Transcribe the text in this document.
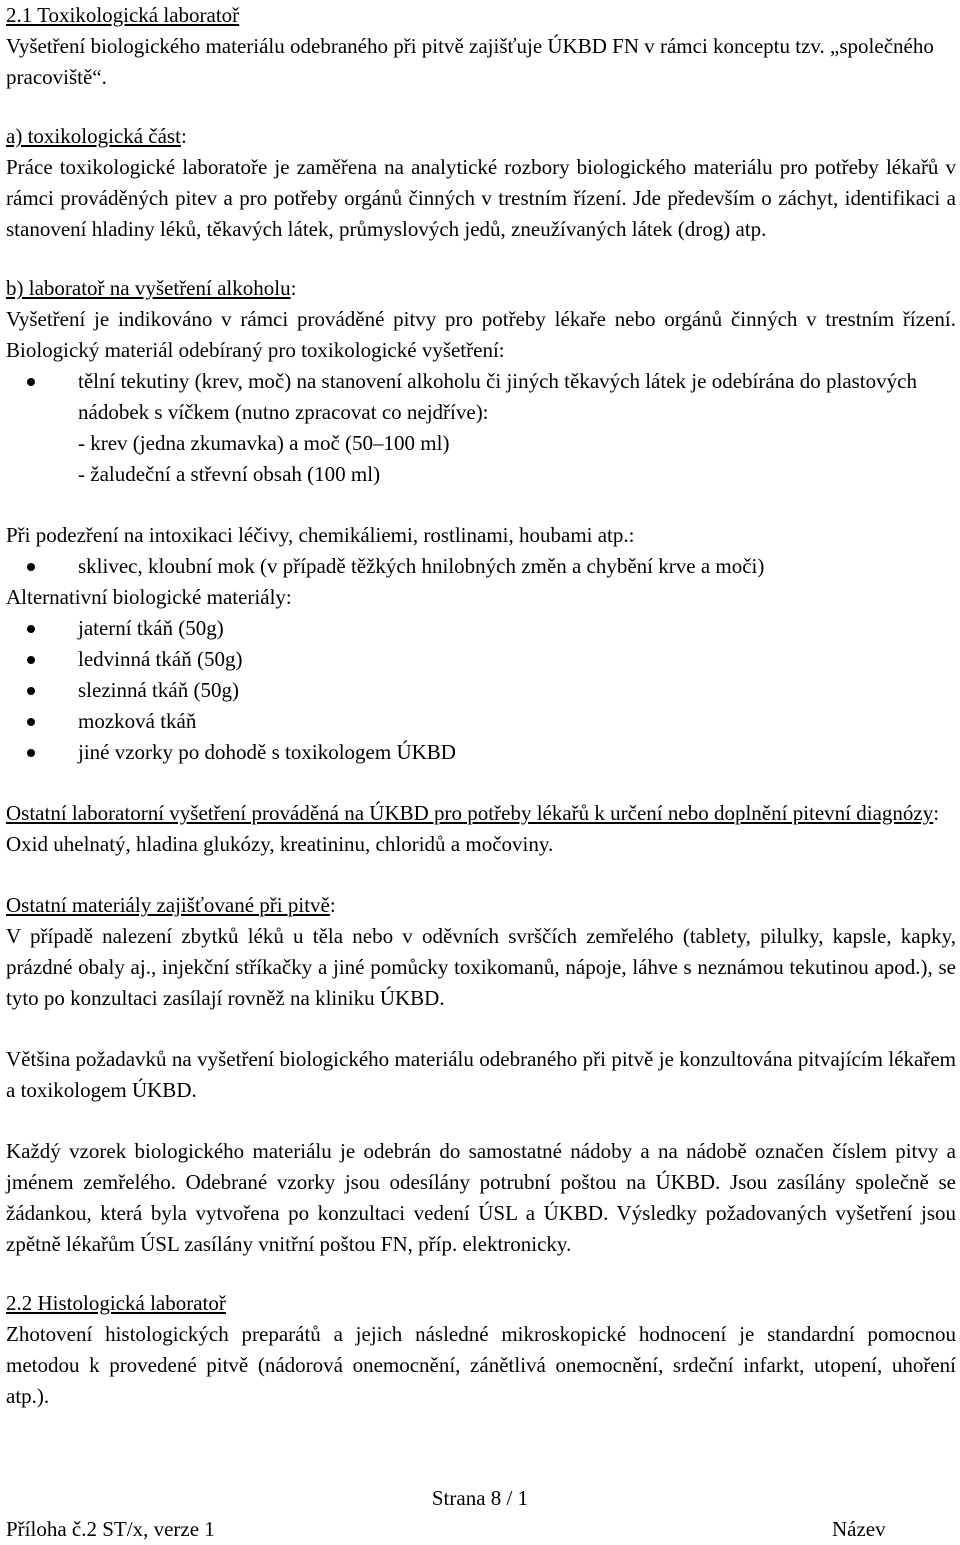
2.1 Toxikologická laboratoř

Vyšetření biologického materiálu odebraného při pitvě zajišťuje ÚKBD FN v rámci konceptu tzv. „společného pracoviště“.

a) toxikologická část:

Práce toxikologické laboratoře je zaměřena na analytické rozbory biologického materiálu pro potřeby lékařů v rámci prováděných pitev a pro potřeby orgánů činných v trestním řízení. Jde především o záchyt, identifikaci a stanovení hladiny léků, těkavých látek, průmyslových jedů, zneužívaných látek (drog) atp.

b) laboratoř na vyšetření alkoholu:

Vyšetření je indikováno v rámci prováděné pitvy pro potřeby lékaře nebo orgánů činných v trestním řízení. Biologický materiál odebíraný pro toxikologické vyšetření:

tělní tekutiny (krev, moč) na stanovení alkoholu či jiných těkavých látek je odebírána do plastových nádobek s víčkem (nutno zpracovat co nejdříve):

- krev (jedna zkumavka) a moč (50–100 ml)

- žaludeční a střevní obsah (100 ml)

Při podezření na intoxikaci léčivy, chemikáliemi, rostlinami, houbami atp.:

sklivec, kloubní mok (v případě těžkých hnilobných změn a chybění krve a moči)

Alternativní biologické materiály:

jaterní tkáň (50g)
ledvinná tkáň (50g)
slezinná tkáň (50g)
mozková tkáň
jiné vzorky po dohodě s toxikologem ÚKBD

Ostatní laboratorní vyšetření prováděná na ÚKBD pro potřeby lékařů k určení nebo doplnění pitevní diagnózy:

Oxid uhelnatý, hladina glukózy, kreatininu, chloridů a močoviny.

Ostatní materiály zajišťované při pitvě:

V případě nalezení zbytků léků u těla nebo v oděvních svrščích zemřelého (tablety, pilulky, kapsle, kapky, prázdné obaly aj., injekční stříkačky a jiné pomůcky toxikomanů, nápoje, láhve s neznámou tekutinou apod.), se tyto po konzultaci zasílají rovněž na kliniku ÚKBD.

Většina požadavků na vyšetření biologického materiálu odebraného při pitvě je konzultována pitvajícím lékařem a toxikologem ÚKBD.

Každý vzorek biologického materiálu je odebrán do samostatné nádoby a na nádobě označen číslem pitvy a jménem zemřelého. Odebrané vzorky jsou odesílány potrubní poštou na ÚKBD. Jsou zasílány společně se žádankou, která byla vytvořena po konzultaci vedení ÚSL a ÚKBD. Výsledky požadovaných vyšetření jsou zpětně lékařům ÚSL zasílány vnitřní poštou FN, příp. elektronicky.

2.2 Histologická laboratoř

Zhotovení histologických preparátů a jejich následné mikroskopické hodnocení je standardní pomocnou metodou k provedené pitvě (nádorová onemocnění, zánětlivá onemocnění, srdeční infarkt, utopení, uhoření atp.).

Strana 8 / 1
Příloha č.2 ST/x, verze 1	Název
